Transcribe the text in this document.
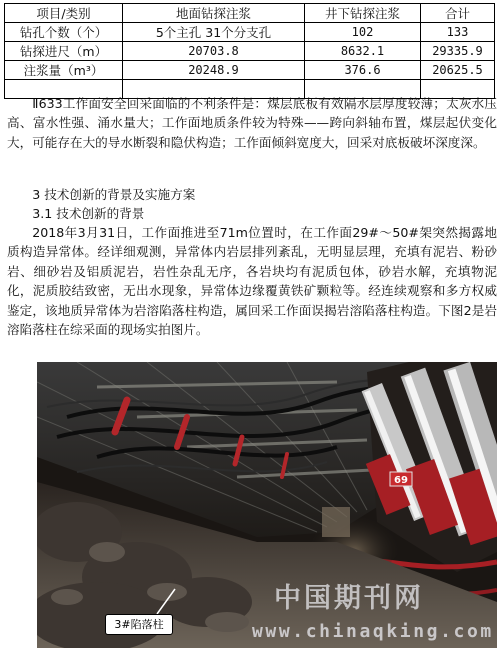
项目/类别	地面钻探注浆	井下钻探注浆	合计
钻孔个数（个）	5个主孔 31个分支孔	102	133
钻探进尺（m）	20703.8	8632.1	29335.9
注浆量（m³）	20248.9	376.6	20625.5

Ⅱ633工作面安全回采面临的不利条件是：煤层底板有效隔水层厚度较薄；太灰水压高、富水性强、涌水量大；工作面地质条件较为特殊——跨向斜轴布置，煤层起伏变化大，可能存在大的导水断裂和隐伏构造；工作面倾斜宽度大，回采对底板破坏深度深。

3 技术创新的背景及实施方案

3.1 技术创新的背景

2018年3月31日，工作面推进至71m位置时，在工作面29#～50#架突然揭露地质构造异常体。经详细观测，异常体内岩层排列紊乱，无明显层理，充填有泥岩、粉砂岩、细砂岩及铝质泥岩，岩性杂乱无序，各岩块均有泥质包体，砂岩水解，充填物泥化，泥质胶结致密，无出水现象，异常体边缘覆黄铁矿颗粒等。经连续观察和多方权威鉴定，该地质异常体为岩溶陷落柱构造，属回采工作面误揭岩溶陷落柱构造。下图2是岩溶陷落柱在综采面的现场实拍图片。

69
3#陷落柱
中国期刊网
www.chinaqking.com
